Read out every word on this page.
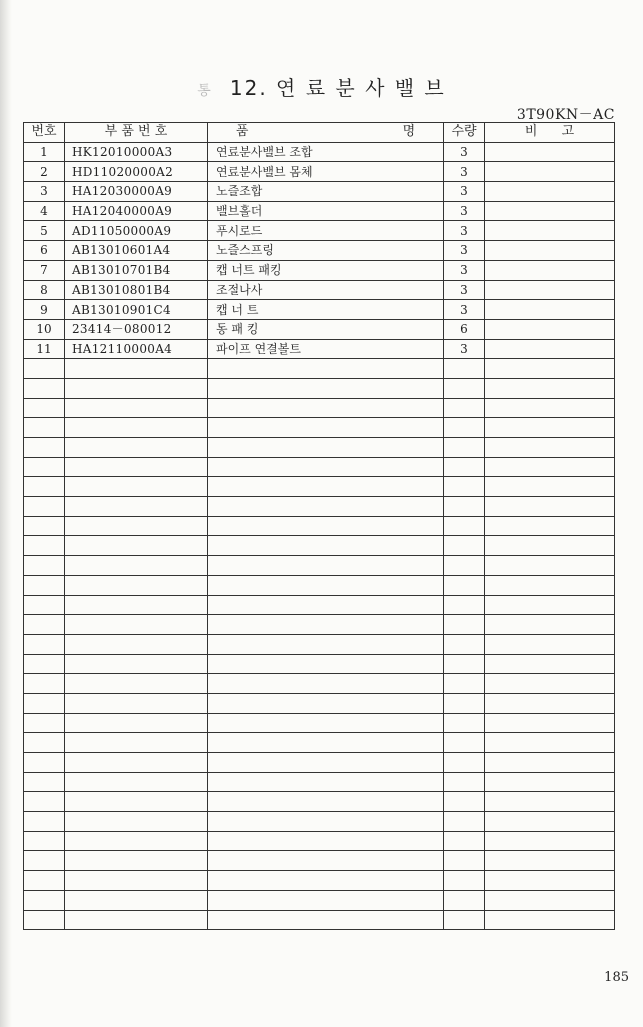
통 12. 연 료 분 사 밸 브
3T90KN－AC
번호	부 품 번 호	품 명	수량	비 고
1	HK12010000A3	연료분사밸브 조합	3	
2	HD11020000A2	연료분사밸브 몸체	3	
3	HA12030000A9	노즐조합	3	
4	HA12040000A9	밸브홀더	3	
5	AD11050000A9	푸시로드	3	
6	AB13010601A4	노즐스프링	3	
7	AB13010701B4	캡 너트 패킹	3	
8	AB13010801B4	조절나사	3	
9	AB13010901C4	캡 너 트	3	
10	23414－080012	동 패 킹	6	
11	HA12110000A4	파이프 연결볼트	3	

185
